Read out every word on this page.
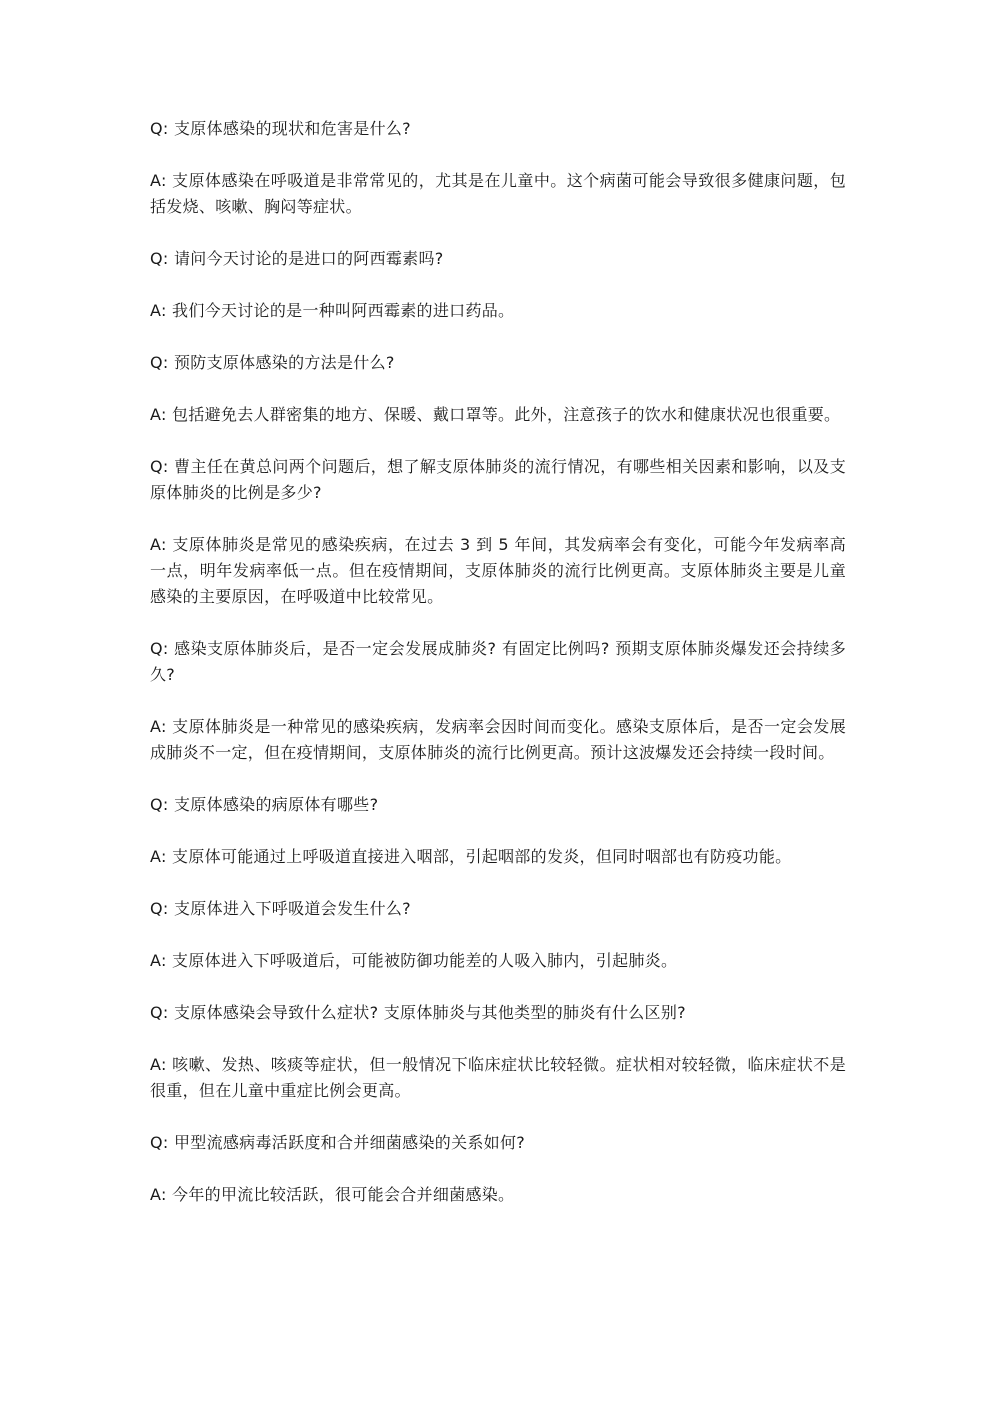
Q: 支原体感染的现状和危害是什么?

A: 支原体感染在呼吸道是非常常见的，尤其是在儿童中。这个病菌可能会导致很多健康问题，包括发烧、咳嗽、胸闷等症状。

Q: 请问今天讨论的是进口的阿西霉素吗?

A: 我们今天讨论的是一种叫阿西霉素的进口药品。

Q: 预防支原体感染的方法是什么?

A: 包括避免去人群密集的地方、保暖、戴口罩等。此外，注意孩子的饮水和健康状况也很重要。

Q: 曹主任在黄总问两个问题后，想了解支原体肺炎的流行情况，有哪些相关因素和影响，以及支原体肺炎的比例是多少?

A: 支原体肺炎是常见的感染疾病，在过去 3 到 5 年间，其发病率会有变化，可能今年发病率高一点，明年发病率低一点。但在疫情期间，支原体肺炎的流行比例更高。支原体肺炎主要是儿童感染的主要原因，在呼吸道中比较常见。

Q: 感染支原体肺炎后，是否一定会发展成肺炎? 有固定比例吗? 预期支原体肺炎爆发还会持续多久?

A: 支原体肺炎是一种常见的感染疾病，发病率会因时间而变化。感染支原体后，是否一定会发展成肺炎不一定，但在疫情期间，支原体肺炎的流行比例更高。预计这波爆发还会持续一段时间。

Q: 支原体感染的病原体有哪些?

A: 支原体可能通过上呼吸道直接进入咽部，引起咽部的发炎，但同时咽部也有防疫功能。

Q: 支原体进入下呼吸道会发生什么?

A: 支原体进入下呼吸道后，可能被防御功能差的人吸入肺内，引起肺炎。

Q: 支原体感染会导致什么症状? 支原体肺炎与其他类型的肺炎有什么区别?

A: 咳嗽、发热、咳痰等症状，但一般情况下临床症状比较轻微。症状相对较轻微，临床症状不是很重，但在儿童中重症比例会更高。

Q: 甲型流感病毒活跃度和合并细菌感染的关系如何?

A: 今年的甲流比较活跃，很可能会合并细菌感染。
